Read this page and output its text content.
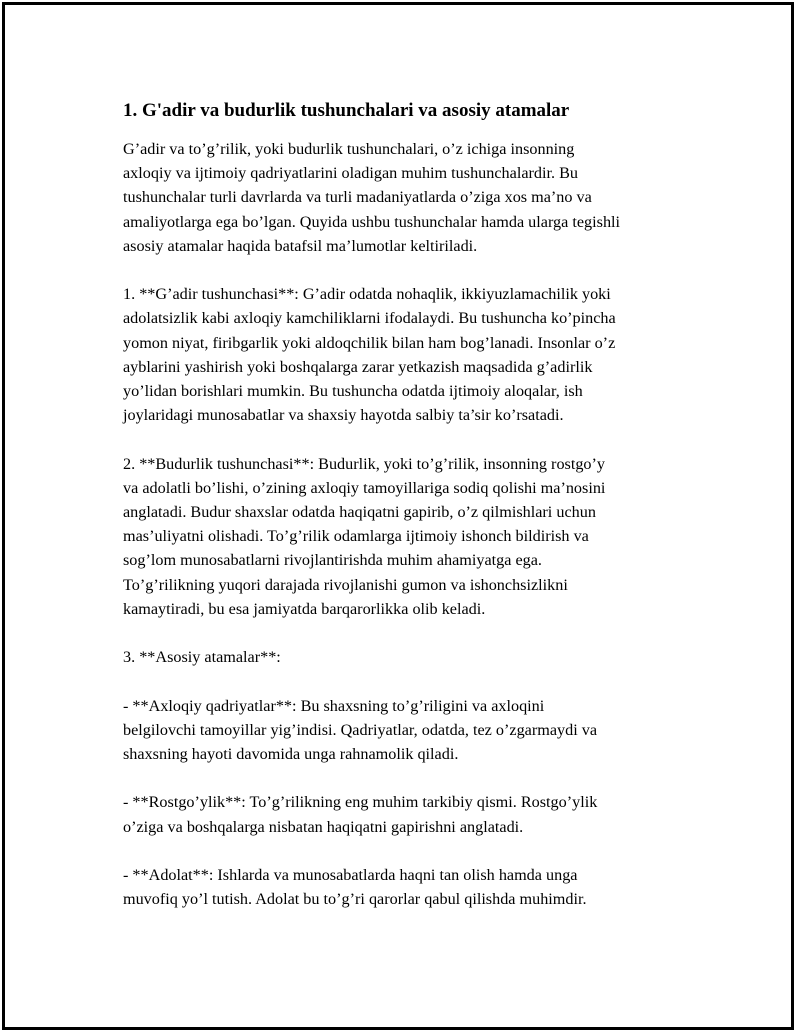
1. G'adir va budurlik tushunchalari va asosiy atamalar
G’adir va to’g’rilik, yoki budurlik tushunchalari, o’z ichiga insonning
axloqiy va ijtimoiy qadriyatlarini oladigan muhim tushunchalardir. Bu
tushunchalar turli davrlarda va turli madaniyatlarda o’ziga xos ma’no va
amaliyotlarga ega bo’lgan. Quyida ushbu tushunchalar hamda ularga tegishli
asosiy atamalar haqida batafsil ma’lumotlar keltiriladi.
1. **G’adir tushunchasi**: G’adir odatda nohaqlik, ikkiyuzlamachilik yoki
adolatsizlik kabi axloqiy kamchiliklarni ifodalaydi. Bu tushuncha ko’pincha
yomon niyat, firibgarlik yoki aldoqchilik bilan ham bog’lanadi. Insonlar o’z
ayblarini yashirish yoki boshqalarga zarar yetkazish maqsadida g’adirlik
yo’lidan borishlari mumkin. Bu tushuncha odatda ijtimoiy aloqalar, ish
joylaridagi munosabatlar va shaxsiy hayotda salbiy ta’sir ko’rsatadi.
2. **Budurlik tushunchasi**: Budurlik, yoki to’g’rilik, insonning rostgo’y
va adolatli bo’lishi, o’zining axloqiy tamoyillariga sodiq qolishi ma’nosini
anglatadi. Budur shaxslar odatda haqiqatni gapirib, o’z qilmishlari uchun
mas’uliyatni olishadi. To’g’rilik odamlarga ijtimoiy ishonch bildirish va
sog’lom munosabatlarni rivojlantirishda muhim ahamiyatga ega.
To’g’rilikning yuqori darajada rivojlanishi gumon va ishonchsizlikni
kamaytiradi, bu esa jamiyatda barqarorlikka olib keladi.
3. **Asosiy atamalar**:
- **Axloqiy qadriyatlar**: Bu shaxsning to’g’riligini va axloqini
belgilovchi tamoyillar yig’indisi. Qadriyatlar, odatda, tez o’zgarmaydi va
shaxsning hayoti davomida unga rahnamolik qiladi.
- **Rostgo’ylik**: To’g’rilikning eng muhim tarkibiy qismi. Rostgo’ylik
o’ziga va boshqalarga nisbatan haqiqatni gapirishni anglatadi.
- **Adolat**: Ishlarda va munosabatlarda haqni tan olish hamda unga
muvofiq yo’l tutish. Adolat bu to’g’ri qarorlar qabul qilishda muhimdir.
